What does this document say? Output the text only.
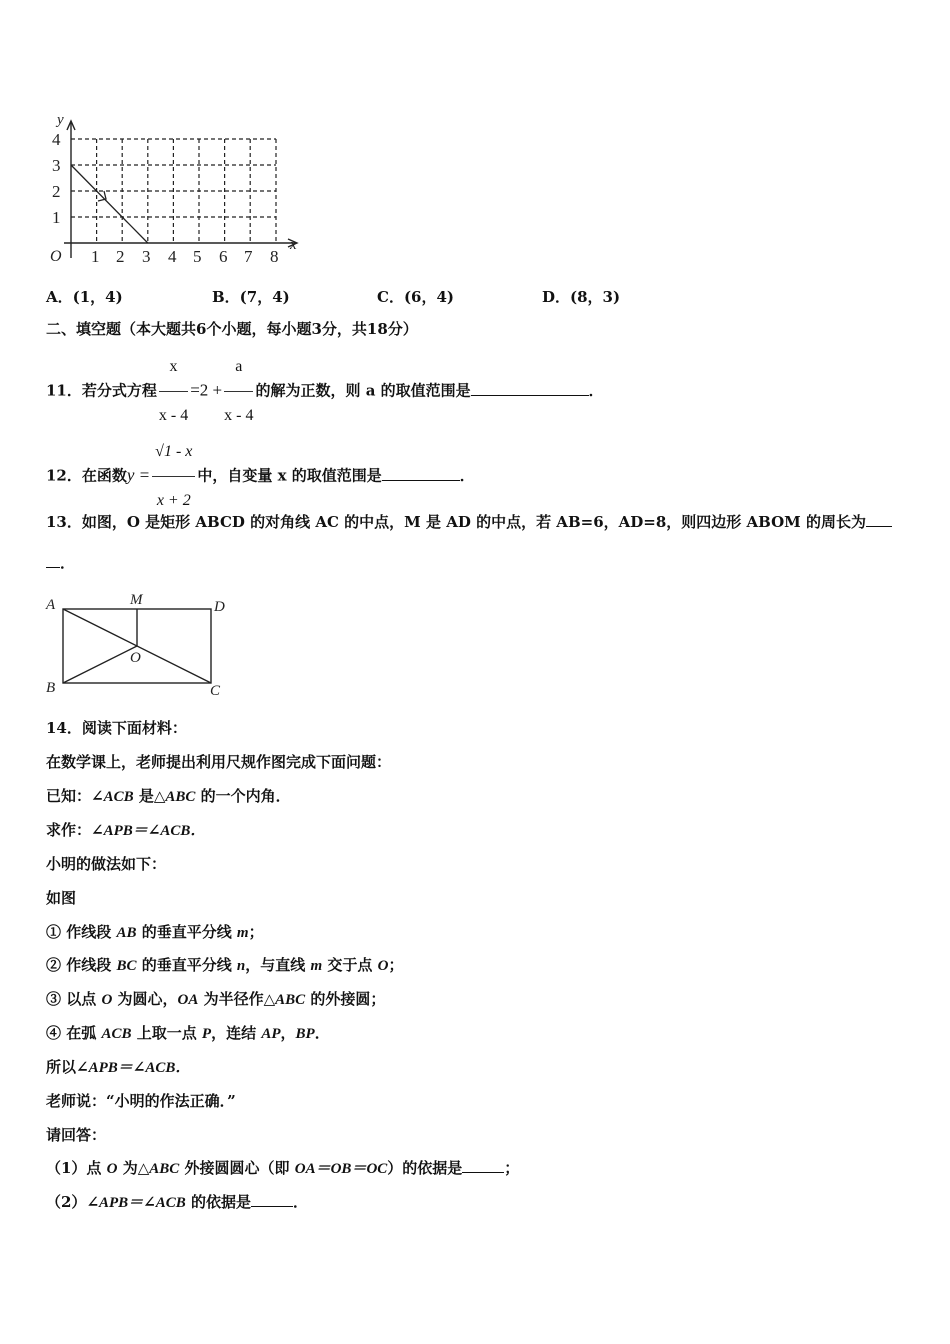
y
x
O
4
3
2
1
1 2 3 4 5 6 7 8
A．(1，4)	B．(7，4)	C．(6，4)	D．(8，3)
二、填空题（本大题共6个小题，每小题3分，共18分）
11．若分式方程 $\frac{x}{x - 4} =2 + \frac{a}{x - 4}$ 的解为正数，则 a 的取值范围是	．
12．在函数$y = \frac{√1 - x}{x + 2}$ 中，自变量 x 的取值范围是	．
13．如图，O 是矩形 ABCD 的对角线 AC 的中点，M 是 AD 的中点，若 AB=6，AD=8，则四边形 ABOM 的周长为
．
A	M	D
O
B	C
14．阅读下面材料：
在数学课上，老师提出利用尺规作图完成下面问题：
已知：∠ACB 是△ABC 的一个内角．
求作：∠APB＝∠ACB．
小明的做法如下：
如图
① 作线段 AB 的垂直平分线 m；
② 作线段 BC 的垂直平分线 n，与直线 m 交于点 O；
③ 以点 O 为圆心，OA 为半径作△ABC 的外接圆；
④ 在弧 ACB 上取一点 P，连结 AP，BP．
所以∠APB＝∠ACB．
老师说：“小明的作法正确．”
请回答：
（1）点 O 为△ABC 外接圆圆心（即 OA＝OB＝OC）的依据是	；
（2）∠APB＝∠ACB 的依据是	．
